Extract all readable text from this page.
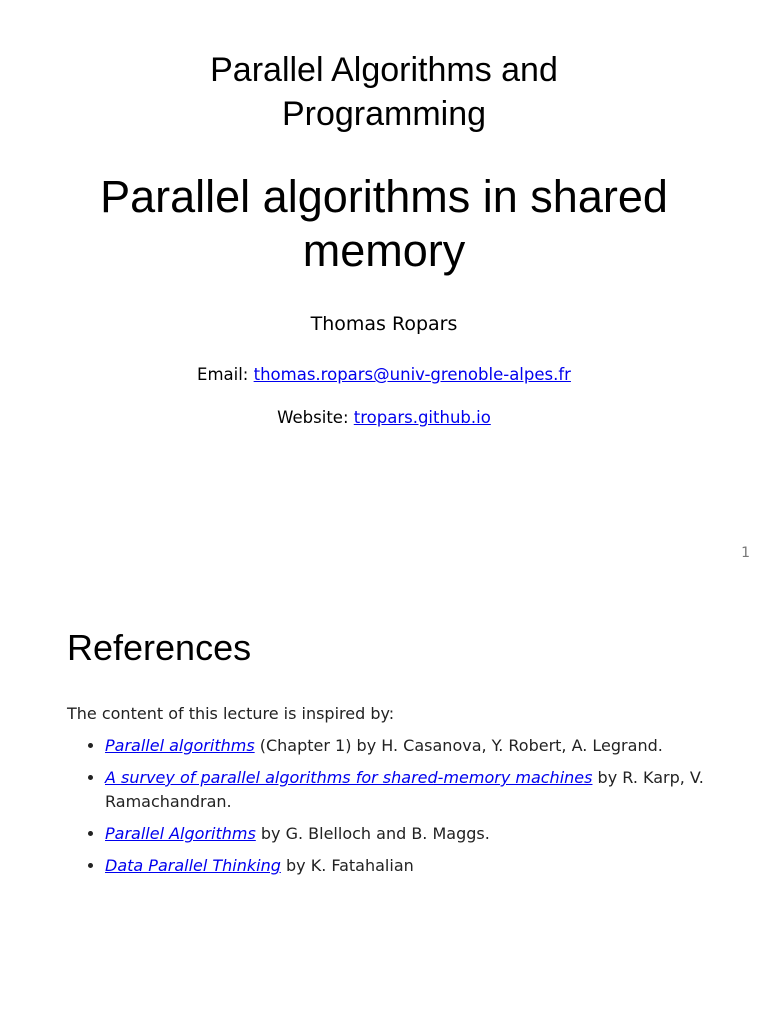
Parallel Algorithms and
Programming
Parallel algorithms in shared
memory
Thomas Ropars
Email: thomas.ropars@univ-grenoble-alpes.fr
Website: tropars.github.io
1
References
The content of this lecture is inspired by:
• Parallel algorithms (Chapter 1) by H. Casanova, Y. Robert, A. Legrand.
• A survey of parallel algorithms for shared-memory machines by R. Karp, V. Ramachandran.
• Parallel Algorithms by G. Blelloch and B. Maggs.
• Data Parallel Thinking by K. Fatahalian
